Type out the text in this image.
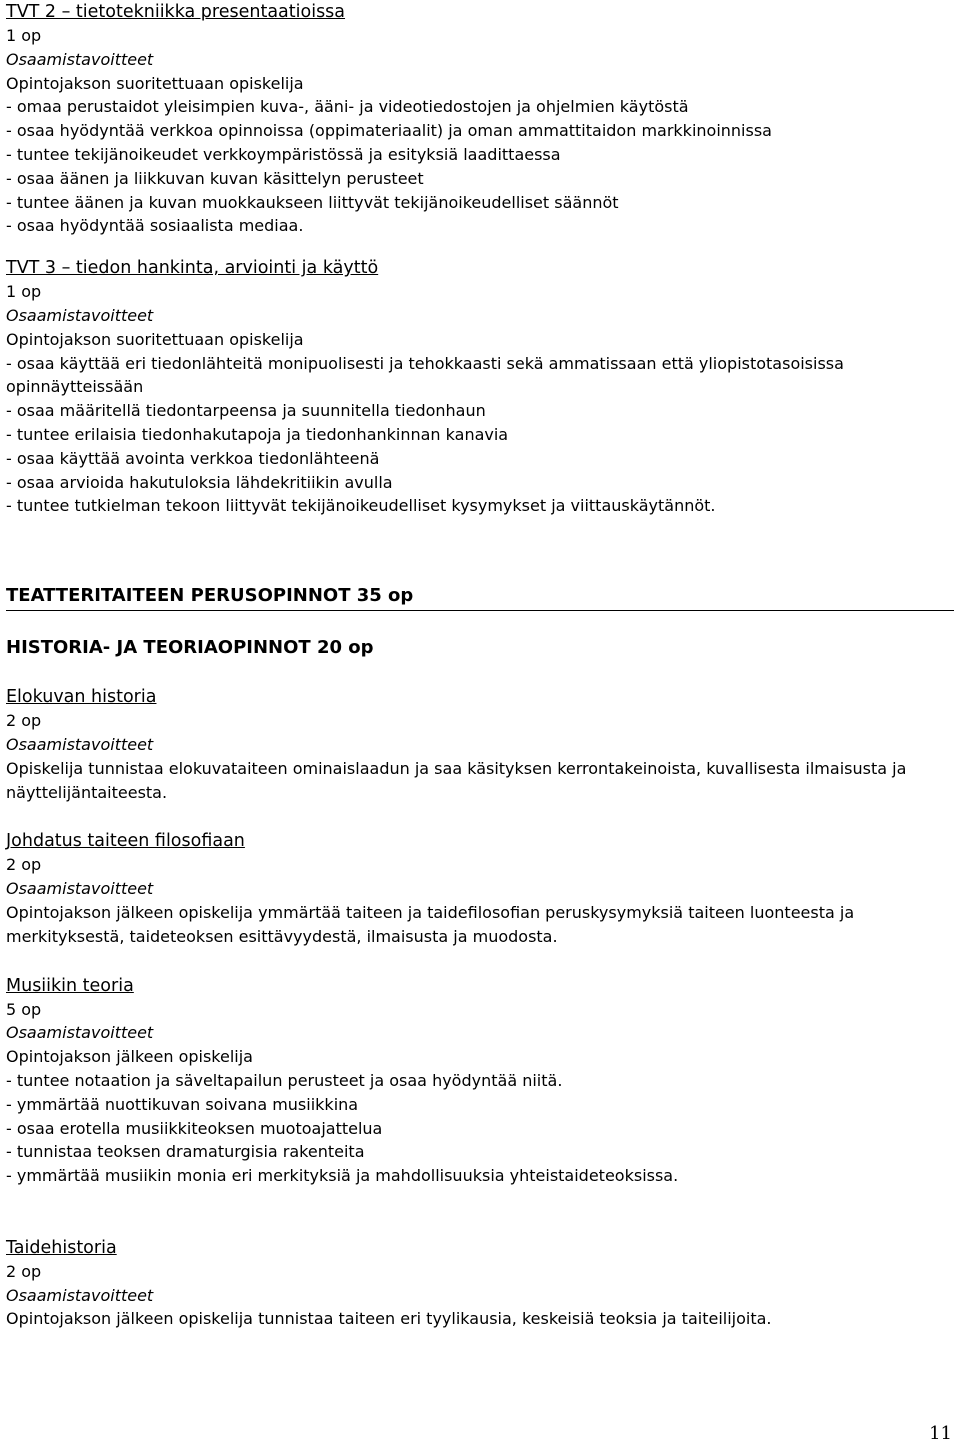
TVT 2 – tietotekniikka presentaatioissa

1 op

Osaamistavoitteet

Opintojakson suoritettuaan opiskelija

- omaa perustaidot yleisimpien kuva-, ääni- ja videotiedostojen ja ohjelmien käytöstä

- osaa hyödyntää verkkoa opinnoissa (oppimateriaalit) ja oman ammattitaidon markkinoinnissa

- tuntee tekijänoikeudet verkkoympäristössä ja esityksiä laadittaessa

- osaa äänen ja liikkuvan kuvan käsittelyn perusteet

- tuntee äänen ja kuvan muokkaukseen liittyvät tekijänoikeudelliset säännöt

- osaa hyödyntää sosiaalista mediaa.

TVT 3 – tiedon hankinta, arviointi ja käyttö

1 op

Osaamistavoitteet

Opintojakson suoritettuaan opiskelija

- osaa käyttää eri tiedonlähteitä monipuolisesti ja tehokkaasti sekä ammatissaan että yliopistotasoisissa

opinnäytteissään

- osaa määritellä tiedontarpeensa ja suunnitella tiedonhaun

- tuntee erilaisia tiedonhakutapoja ja tiedonhankinnan kanavia

- osaa käyttää avointa verkkoa tiedonlähteenä

- osaa arvioida hakutuloksia lähdekritiikin avulla

- tuntee tutkielman tekoon liittyvät tekijänoikeudelliset kysymykset ja viittauskäytännöt.

TEATTERITAITEEN PERUSOPINNOT 35 op

HISTORIA- JA TEORIAOPINNOT 20 op

Elokuvan historia

2 op

Osaamistavoitteet

Opiskelija tunnistaa elokuvataiteen ominaislaadun ja saa käsityksen kerrontakeinoista, kuvallisesta ilmaisusta ja näyttelijäntaiteesta.

Johdatus taiteen filosofiaan

2 op

Osaamistavoitteet

Opintojakson jälkeen opiskelija ymmärtää taiteen ja taidefilosofian peruskysymyksiä taiteen luonteesta ja merkityksestä, taideteoksen esittävyydestä, ilmaisusta ja muodosta.

Musiikin teoria

5 op

Osaamistavoitteet

Opintojakson jälkeen opiskelija

- tuntee notaation ja säveltapailun perusteet ja osaa hyödyntää niitä.

- ymmärtää nuottikuvan soivana musiikkina

- osaa erotella musiikkiteoksen muotoajattelua

- tunnistaa teoksen dramaturgisia rakenteita

- ymmärtää musiikin monia eri merkityksiä ja mahdollisuuksia yhteistaideteoksissa.

Taidehistoria

2 op

Osaamistavoitteet

Opintojakson jälkeen opiskelija tunnistaa taiteen eri tyylikausia, keskeisiä teoksia ja taiteilijoita.

11
